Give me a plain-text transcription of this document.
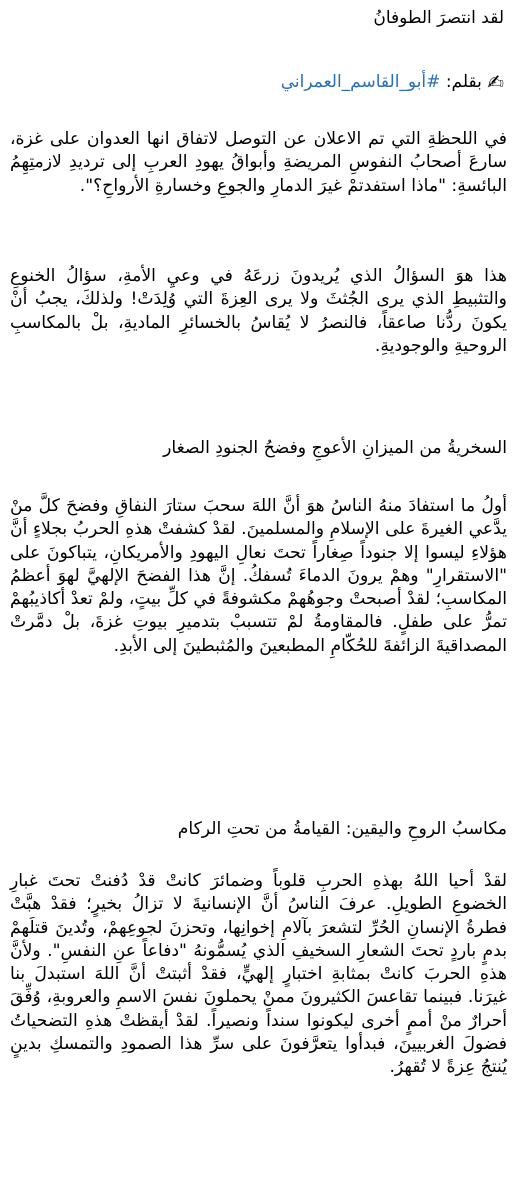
لقد انتصرَ الطوفانُ
✍ بقلم: #أبو_القاسم_العمراني
في اللحظةِ التي تم الاعلان عن التوصل لاتفاق انها العدوان على غزة، سارعَ أصحابُ النفوسِ المريضةِ وأبواقُ يهودِ العربِ إلى ترديدِ لازمتِهِمُ البائسةِ: "ماذا استفدتمْ غيرَ الدمارِ والجوعِ وخسارةِ الأرواحِ؟".
هذا هوَ السؤالُ الذي يُريدونَ زرعَهُ في وعيِ الأمةِ، سؤالُ الخنوعِ والتثبيطِ الذي يرى الجُثثَ ولا يرى العِزةَ التي وُلِدَتْ! ولذلكَ، يجبُ أنْ يكونَ ردُّنا صاعقاً، فالنصرُ لا يُقاسُ بالخسائرِ الماديةِ، بلْ بالمكاسبِ الروحيةِ والوجوديةِ.
السخريةُ من الميزانِ الأعوجِ وفضحُ الجنودِ الصغار
أولُ ما استفادَ منهُ الناسُ هوَ أنَّ اللهَ سحبَ ستارَ النفاقِ وفضحَ كلَّ منْ يدَّعي الغيرةَ على الإسلامِ والمسلمينَ. لقدْ كشفتْ هذهِ الحربُ بجلاءٍ أنَّ هؤلاءِ ليسوا إلا جنوداً صِغاراً تحتَ نعالِ اليهودِ والأمريكانِ، يتباكونَ على "الاستقرارِ" وهمْ يرونَ الدماءَ تُسفكُ. إنَّ هذا الفضحَ الإلهيَّ لهوَ أعظمُ المكاسبِ؛ لقدْ أصبحتْ وجوهُهمْ مكشوفةً في كلِّ بيتٍ، ولمْ تعدْ أكاذيبُهمْ تمرُّ على طفلٍ. فالمقاومةُ لمْ تتسببْ بتدميرِ بيوتِ غزةَ، بلْ دمَّرتْ المصداقيةَ الزائفةَ للحُكّامِ المطبعينَ والمُثبطينَ إلى الأبدِ.
مكاسبُ الروحِ واليقين: القيامةُ من تحتِ الركام
لقدْ أحيا اللهُ بهذهِ الحربِ قلوباً وضمائرَ كانتْ قدْ دُفنتْ تحتَ غبارِ الخضوعِ الطويلِ. عرفَ الناسُ أنَّ الإنسانيةَ لا تزالُ بخيرٍ؛ فقدْ هبَّتْ فطرةُ الإنسانِ الحُرِّ لتشعرَ بآلامِ إخوانِها، وتحزنَ لجوعِهمْ، وتُدينَ قتلَهمْ بدمٍ باردٍ تحتَ الشعارِ السخيفِ الذي يُسمُّونهُ "دفاعاً عنِ النفسِ". ولأنَّ هذهِ الحربَ كانتْ بمثابةِ اختبارٍ إلهيٍّ، فقدْ أثبتتْ أنَّ اللهَ استبدلَ بنا غيرَنا. فبينما تقاعسَ الكثيرونَ ممنْ يحملونَ نفسَ الاسمِ والعروبةِ، وُفِّقَ أحرارٌ منْ أممٍ أخرى ليكونوا سنداً ونصيراً. لقدْ أيقظتْ هذهِ التضحياتُ فضولَ الغربيينَ، فبدأوا يتعرَّفونَ على سرِّ هذا الصمودِ والتمسكِ بدينٍ يُنتجُ عِزةً لا تُقهرُ.
